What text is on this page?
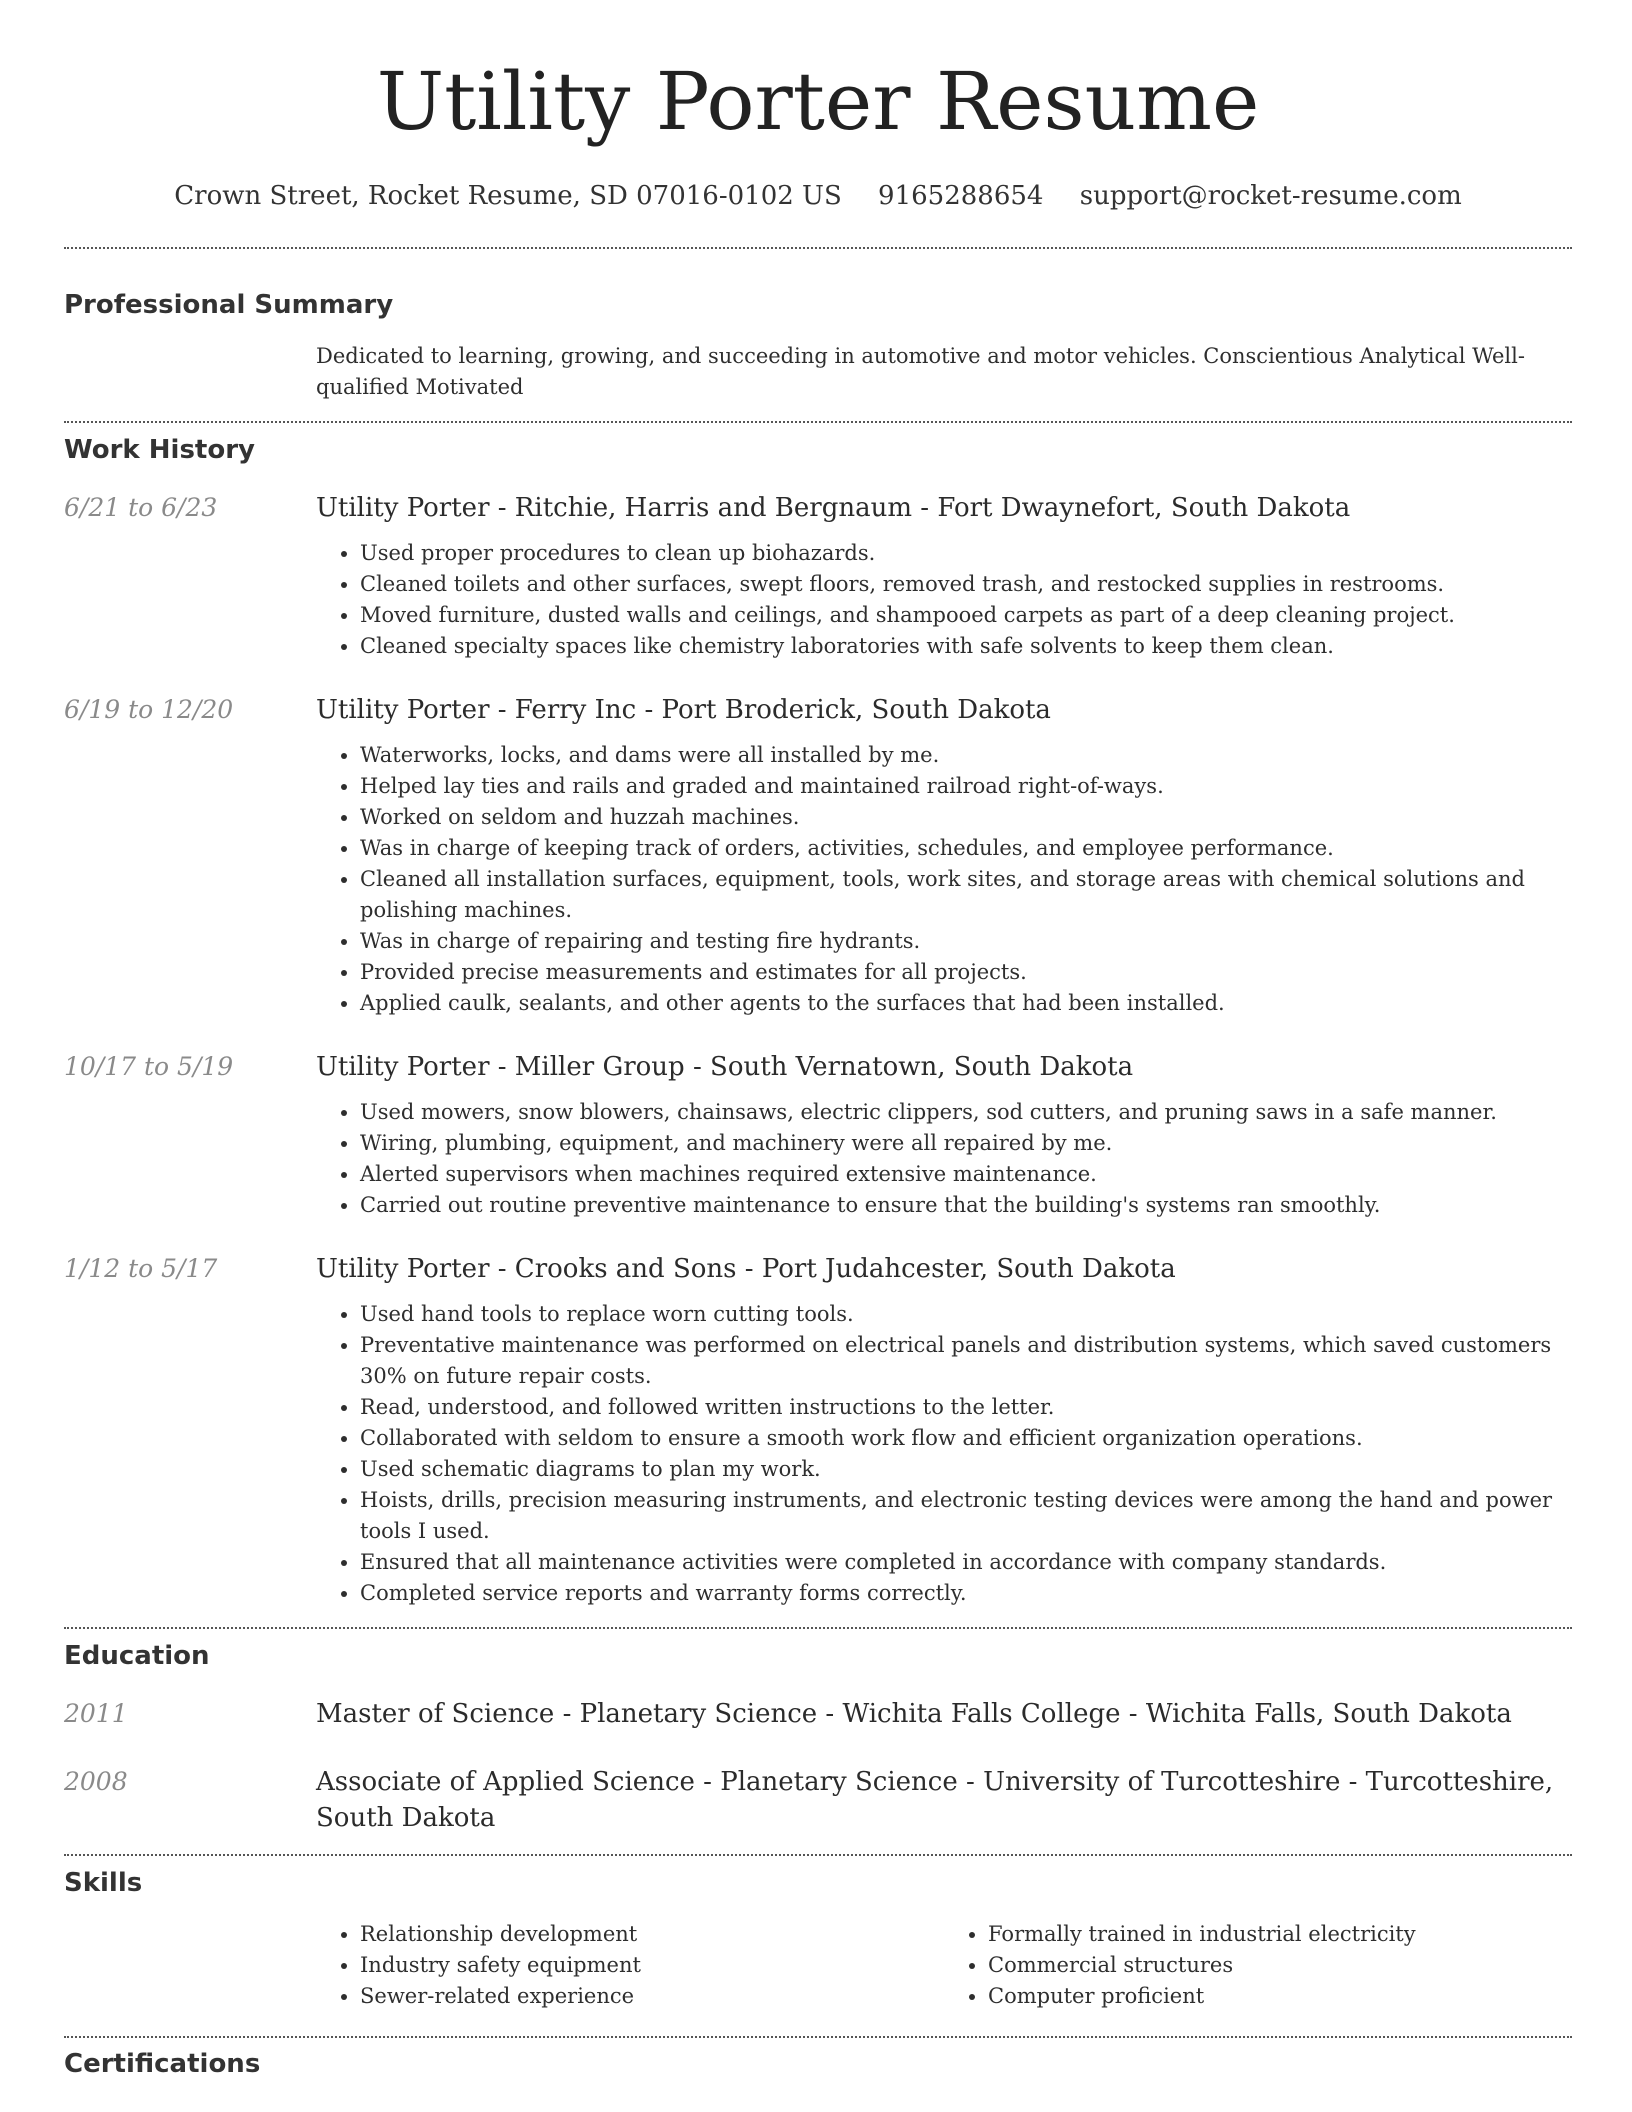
Utility Porter Resume
Crown Street, Rocket Resume, SD 07016-0102 US 9165288654 support@rocket-resume.com
Professional Summary
Dedicated to learning, growing, and succeeding in automotive and motor vehicles. Conscientious Analytical Well-qualified Motivated
Work History
6/21 to 6/23	Utility Porter - Ritchie, Harris and Bergnaum - Fort Dwaynefort, South Dakota
• Used proper procedures to clean up biohazards.
• Cleaned toilets and other surfaces, swept floors, removed trash, and restocked supplies in restrooms.
• Moved furniture, dusted walls and ceilings, and shampooed carpets as part of a deep cleaning project.
• Cleaned specialty spaces like chemistry laboratories with safe solvents to keep them clean.
6/19 to 12/20	Utility Porter - Ferry Inc - Port Broderick, South Dakota
• Waterworks, locks, and dams were all installed by me.
• Helped lay ties and rails and graded and maintained railroad right-of-ways.
• Worked on seldom and huzzah machines.
• Was in charge of keeping track of orders, activities, schedules, and employee performance.
• Cleaned all installation surfaces, equipment, tools, work sites, and storage areas with chemical solutions and polishing machines.
• Was in charge of repairing and testing fire hydrants.
• Provided precise measurements and estimates for all projects.
• Applied caulk, sealants, and other agents to the surfaces that had been installed.
10/17 to 5/19	Utility Porter - Miller Group - South Vernatown, South Dakota
• Used mowers, snow blowers, chainsaws, electric clippers, sod cutters, and pruning saws in a safe manner.
• Wiring, plumbing, equipment, and machinery were all repaired by me.
• Alerted supervisors when machines required extensive maintenance.
• Carried out routine preventive maintenance to ensure that the building's systems ran smoothly.
1/12 to 5/17	Utility Porter - Crooks and Sons - Port Judahcester, South Dakota
• Used hand tools to replace worn cutting tools.
• Preventative maintenance was performed on electrical panels and distribution systems, which saved customers 30% on future repair costs.
• Read, understood, and followed written instructions to the letter.
• Collaborated with seldom to ensure a smooth work flow and efficient organization operations.
• Used schematic diagrams to plan my work.
• Hoists, drills, precision measuring instruments, and electronic testing devices were among the hand and power tools I used.
• Ensured that all maintenance activities were completed in accordance with company standards.
• Completed service reports and warranty forms correctly.
Education
2011	Master of Science - Planetary Science - Wichita Falls College - Wichita Falls, South Dakota
2008	Associate of Applied Science - Planetary Science - University of Turcotteshire - Turcotteshire, South Dakota
Skills
• Relationship development
• Industry safety equipment
• Sewer-related experience
• Formally trained in industrial electricity
• Commercial structures
• Computer proficient
Certifications
